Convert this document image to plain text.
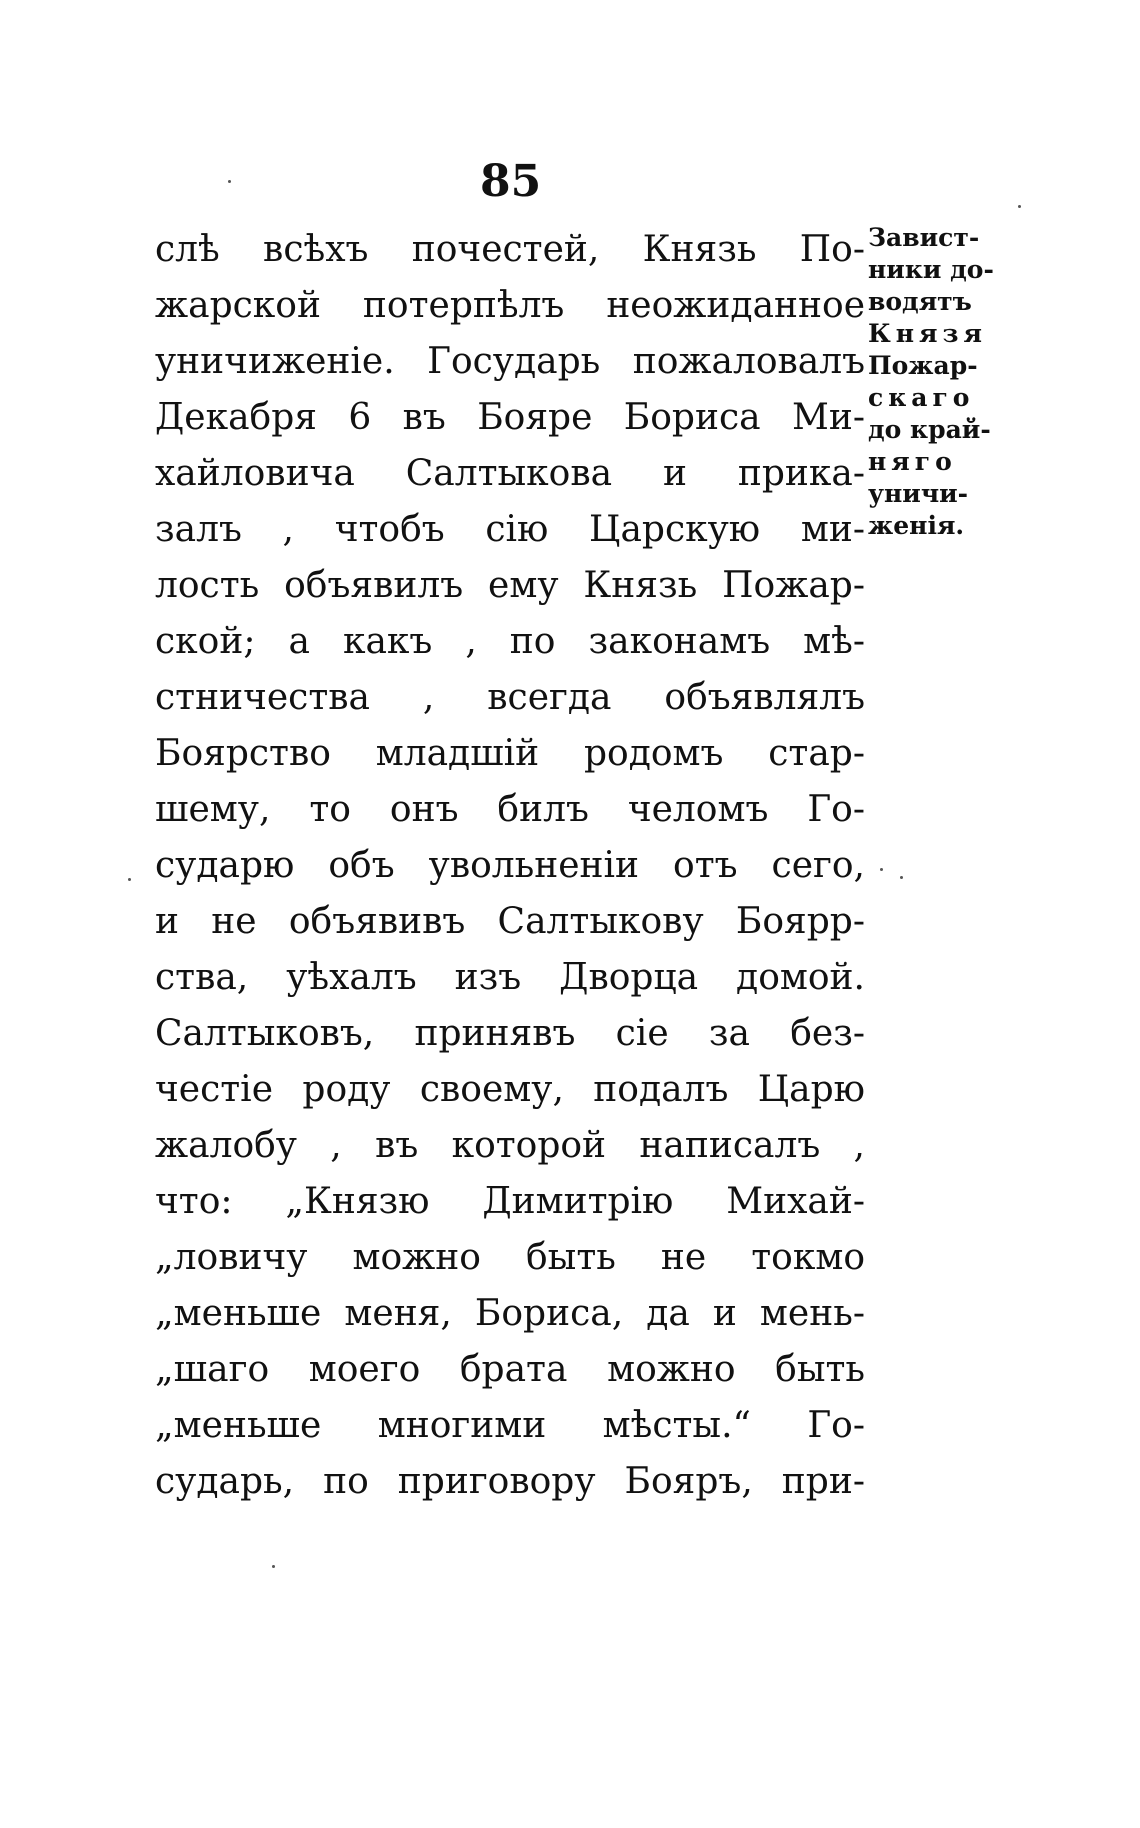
85
слѣ всѣхъ почестей, Князь По-
жарской потерпѣлъ неожиданное
уничиженіе. Государь пожаловалъ
Декабря 6 въ Бояре Бориса Ми-
хайловича Салтыкова и прика-
залъ , чтобъ сію Царскую ми-
лость объявилъ ему Князь Пожар-
ской; а какъ , по законамъ мѣ-
стничества , всегда объявлялъ
Боярство младшій родомъ стар-
шему, то онъ билъ челомъ Го-
сударю объ увольненіи отъ сего,
и не объявивъ Салтыкову Боярр-
ства, уѣхалъ изъ Дворца домой.
Салтыковъ, принявъ сіе за без-
честіе роду своему, подалъ Царю
жалобу , въ которой написалъ ,
что: „Князю Димитрію Михай-
„ловичу можно быть не токмо
„меньше меня, Бориса, да и мень-
„шаго моего брата можно быть
„меньше многими мѣсты.“ Го-
сударь, по приговору Бояръ, при-
Завист-
ники до-
водятъ
Князя
Пожар-
скаго
до край-
няго
уничи-
женія.
